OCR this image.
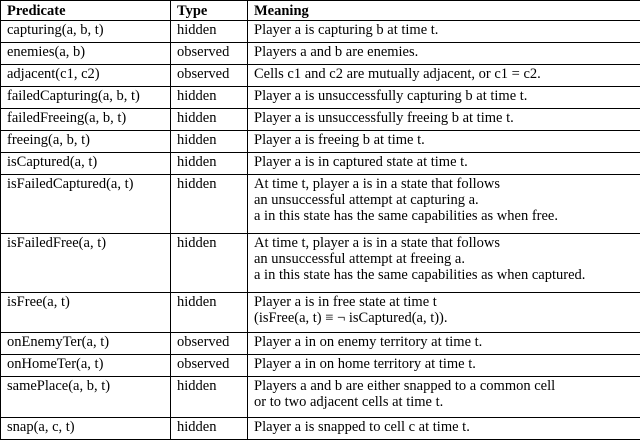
Predicate	Type	Meaning
capturing(a, b, t)	hidden	Player a is capturing b at time t.

enemies(a, b)	observed	Players a and b are enemies.

adjacent(c1, c2)	observed	Cells c1 and c2 are mutually adjacent, or c1 = c2.

failedCapturing(a, b, t)	hidden	Player a is unsuccessfully capturing b at time t.

failedFreeing(a, b, t)	hidden	Player a is unsuccessfully freeing b at time t.

freeing(a, b, t)	hidden	Player a is freeing b at time t.

isCaptured(a, t)	hidden	Player a is in captured state at time t.

isFailedCaptured(a, t)	hidden	At time t, player a is in a state that follows
an unsuccessful attempt at capturing a.
a in this state has the same capabilities as when free.

isFailedFree(a, t)	hidden	At time t, player a is in a state that follows
an unsuccessful attempt at freeing a.
a in this state has the same capabilities as when captured.

isFree(a, t)	hidden	Player a is in free state at time t
(isFree(a, t) ≡ ¬ isCaptured(a, t)).

onEnemyTer(a, t)	observed	Player a in on enemy territory at time t.

onHomeTer(a, t)	observed	Player a in on home territory at time t.

samePlace(a, b, t)	hidden	Players a and b are either snapped to a common cell
or to two adjacent cells at time t.

snap(a, c, t)	hidden	Player a is snapped to cell c at time t.
